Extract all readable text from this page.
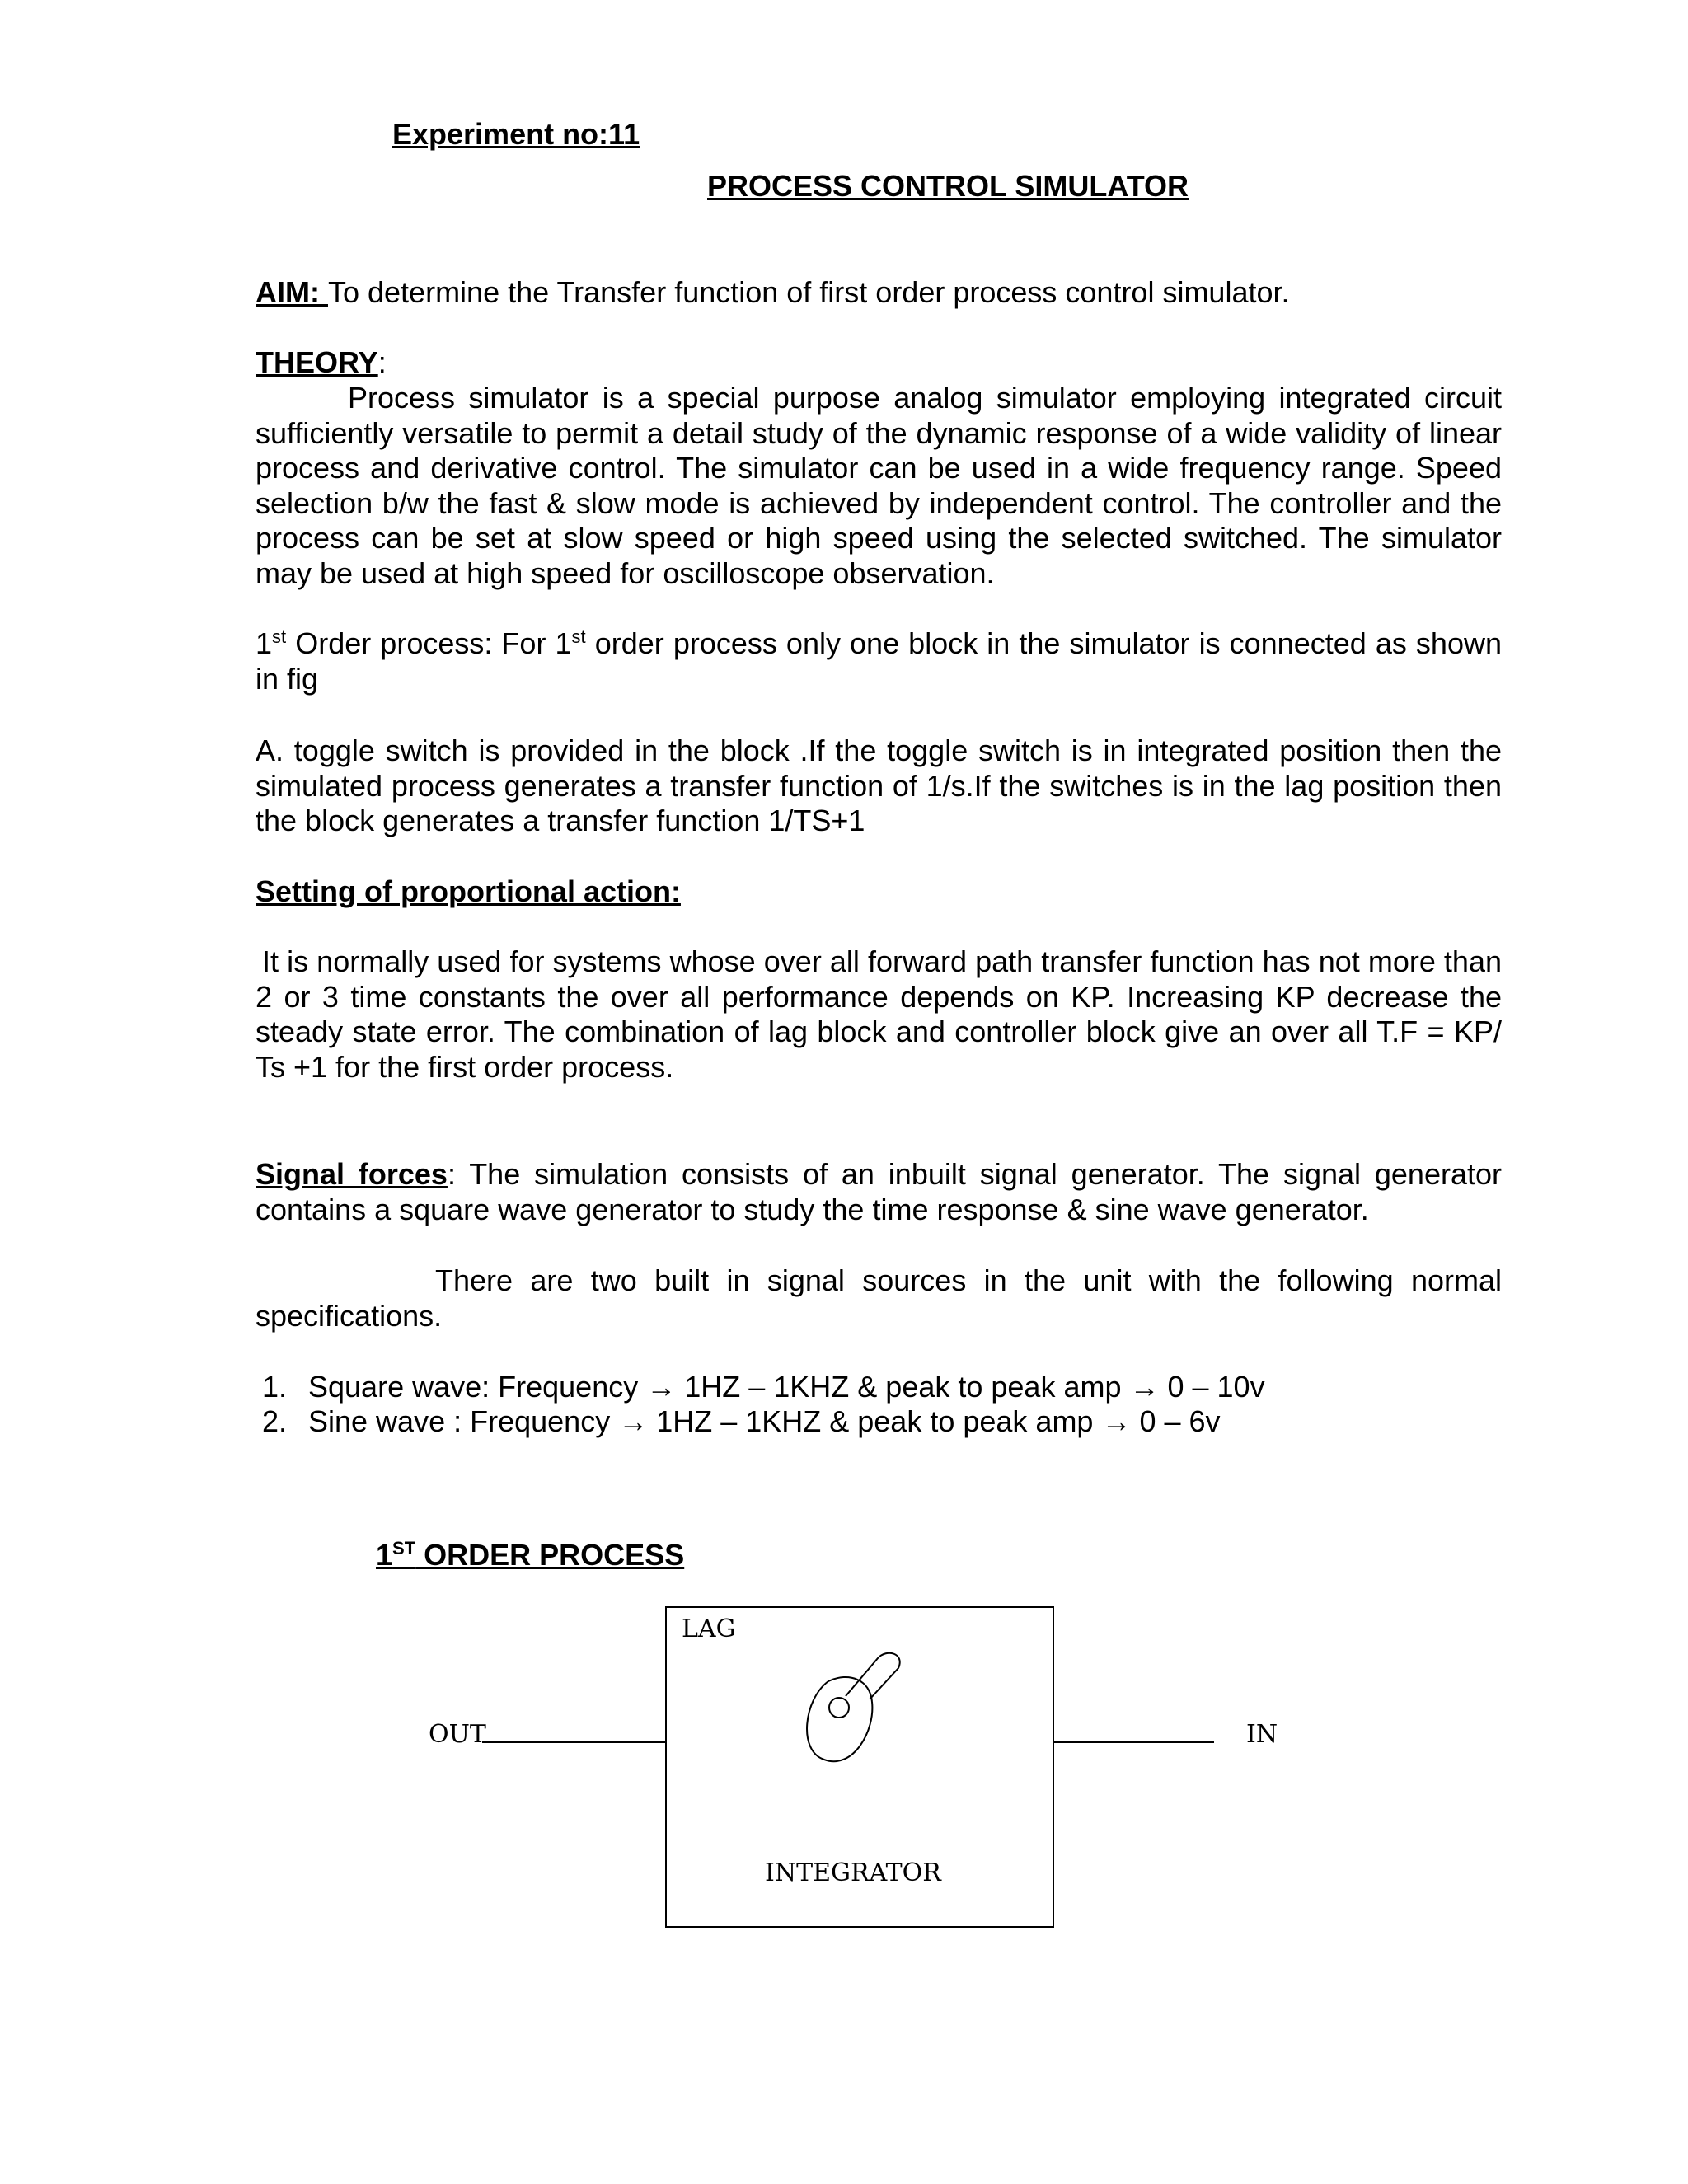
Experiment no:11
PROCESS CONTROL SIMULATOR
AIM: To determine the Transfer function of first order process control simulator.
THEORY:
Process simulator is a special purpose analog simulator employing integrated circuit sufficiently versatile to permit a detail study of the dynamic response of a wide validity of linear process and derivative control. The simulator can be used in a wide frequency range. Speed selection b/w the fast & slow mode is achieved by independent control. The controller and the process can be set at slow speed or high speed using the selected switched. The simulator may be used at high speed for oscilloscope observation.
1st Order process: For 1st order process only one block in the simulator is connected as shown in fig
A. toggle switch is provided in the block .If the toggle switch is in integrated position then the simulated process generates a transfer function of 1/s.If the switches is in the lag position then the block generates a transfer function 1/TS+1
Setting of proportional action:
It is normally used for systems whose over all forward path transfer function has not more than 2 or 3 time constants the over all performance depends on KP. Increasing KP decrease the steady state error. The combination of lag block and controller block give an over all T.F = KP/ Ts +1 for the first order process.
Signal forces: The simulation consists of an inbuilt signal generator. The signal generator contains a square wave generator to study the time response & sine wave generator.
There are two built in signal sources in the unit with the following normal specifications.
1. Square wave: Frequency → 1HZ – 1KHZ & peak to peak amp → 0 – 10v
2. Sine wave : Frequency → 1HZ – 1KHZ & peak to peak amp → 0 – 6v
1ST ORDER PROCESS
LAG
INTEGRATOR
OUT	IN
